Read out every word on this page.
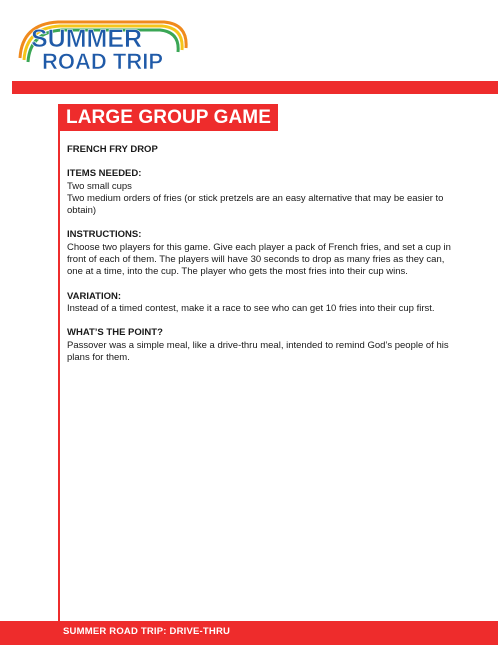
SUMMER
ROAD TRIP
LARGE GROUP GAME
FRENCH FRY DROP
ITEMS NEEDED:

Two small cups

Two medium orders of fries (or stick pretzels are an easy alternative that may be easier to obtain)

INSTRUCTIONS:

Choose two players for this game. Give each player a pack of French fries, and set a cup in front of each of them. The players will have 30 seconds to drop as many fries as they can, one at a time, into the cup. The player who gets the most fries into their cup wins.

VARIATION:

Instead of a timed contest, make it a race to see who can get 10 fries into their cup first.

WHAT’S THE POINT?

Passover was a simple meal, like a drive-thru meal, intended to remind God’s people of his plans for them.

SUMMER ROAD TRIP: DRIVE-THRU
